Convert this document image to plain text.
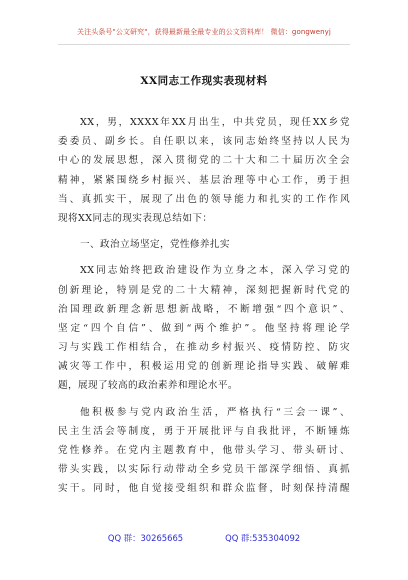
关注头条号"公文研究"，获得最新最全最专业的公文资料库！ 微信：gongwenyj
XX同志工作现实表现材料
XX，男，XXXX年XX月出生，中共党员，现任XX乡党
委委员、副乡长。自任职以来，该同志始终坚持以人民为
中心的发展思想，深入贯彻党的二十大和二十届历次全会
精神，紧紧围绕乡村振兴、基层治理等中心工作，勇于担
当、真抓实干，展现了出色的领导能力和扎实的工作作风
现将XX同志的现实表现总结如下：
一、政治立场坚定，党性修养扎实
XX同志始终把政治建设作为立身之本，深入学习党的
创新理论，特别是党的二十大精神，深刻把握新时代党的
治国理政新理念新思想新战略，不断增强“四个意识”、
坚定“四个自信”、做到“两个维护”。他坚持将理论学
习与实践工作相结合，在推动乡村振兴、疫情防控、防灾
减灾等工作中，积极运用党的创新理论指导实践、破解难
题，展现了较高的政治素养和理论水平。
他积极参与党内政治生活，严格执行“三会一课”、
民主生活会等制度，勇于开展批评与自我批评，不断锤炼
党性修养。在党内主题教育中，他带头学习、带头研讨、
带头实践，以实际行动带动全乡党员干部深学细悟、真抓
实干。同时，他自觉接受组织和群众监督，时刻保持清醒
QQ 群：30265665	QQ 群:535304092
